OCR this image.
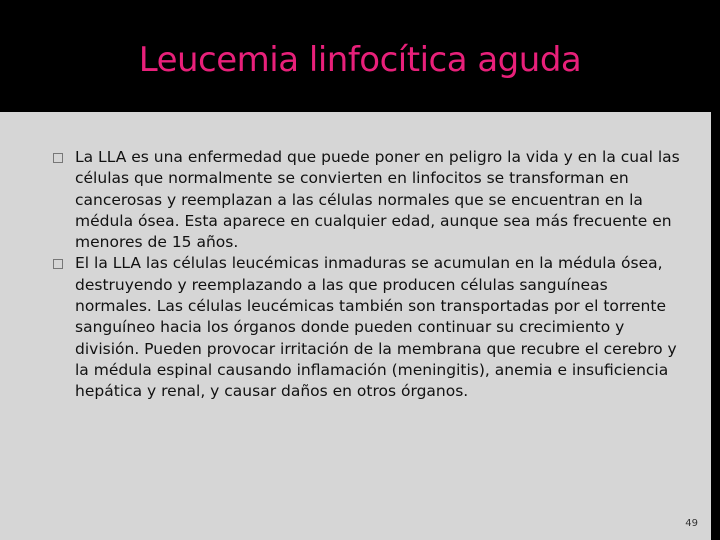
Leucemia linfocítica aguda
La LLA es una enfermedad que puede poner en peligro la vida y en la cual las células que normalmente se convierten en linfocitos se transforman en cancerosas y reemplazan a las células normales que se encuentran en la médula ósea. Esta aparece en cualquier edad, aunque sea más frecuente en menores de 15 años.
El la LLA las células leucémicas inmaduras se acumulan en la médula ósea, destruyendo y reemplazando a las que producen células sanguíneas normales. Las células leucémicas también son transportadas por el torrente sanguíneo hacia los órganos donde pueden continuar su crecimiento y división. Pueden provocar irritación de la membrana que recubre el cerebro y la médula espinal causando inflamación (meningitis), anemia e insuficiencia hepática y renal, y causar daños en otros órganos.
49
